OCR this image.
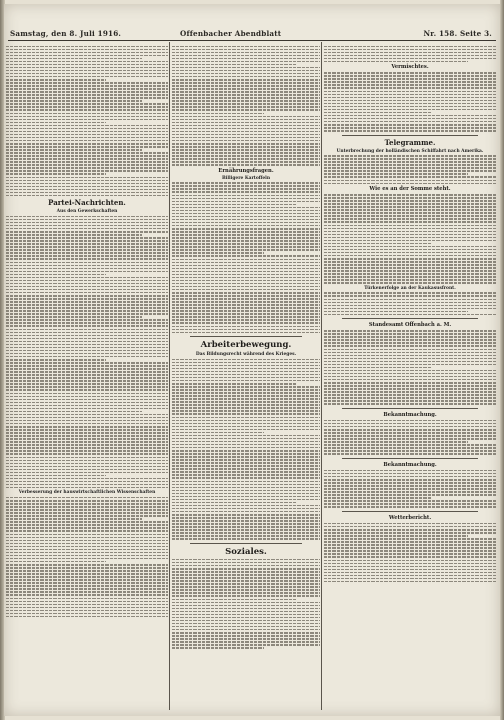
Samstag, den 8. Juli 1916.	Offenbacher Abendblatt	Nr. 158. Seite 3.
Partei-Nachrichten.
Aus den Gewerkschaften
Verbesserung der hauswirtschaftlichen Wissenschaften
Ernährungsfragen.
Billigere Kartoffeln
Arbeiterbewegung.
Das Bildungsrecht während des Krieges.
Soziales.
Vermischtes.
Telegramme.
Unterbrechung der holländischen Schiffahrt nach Amerika.
Wie es an der Somme steht.
Türkenerfolge an der Kaukasusfront.
Standesamt Offenbach a. M.
Bekanntmachung.
Bekanntmachung.
Wetterbericht.
